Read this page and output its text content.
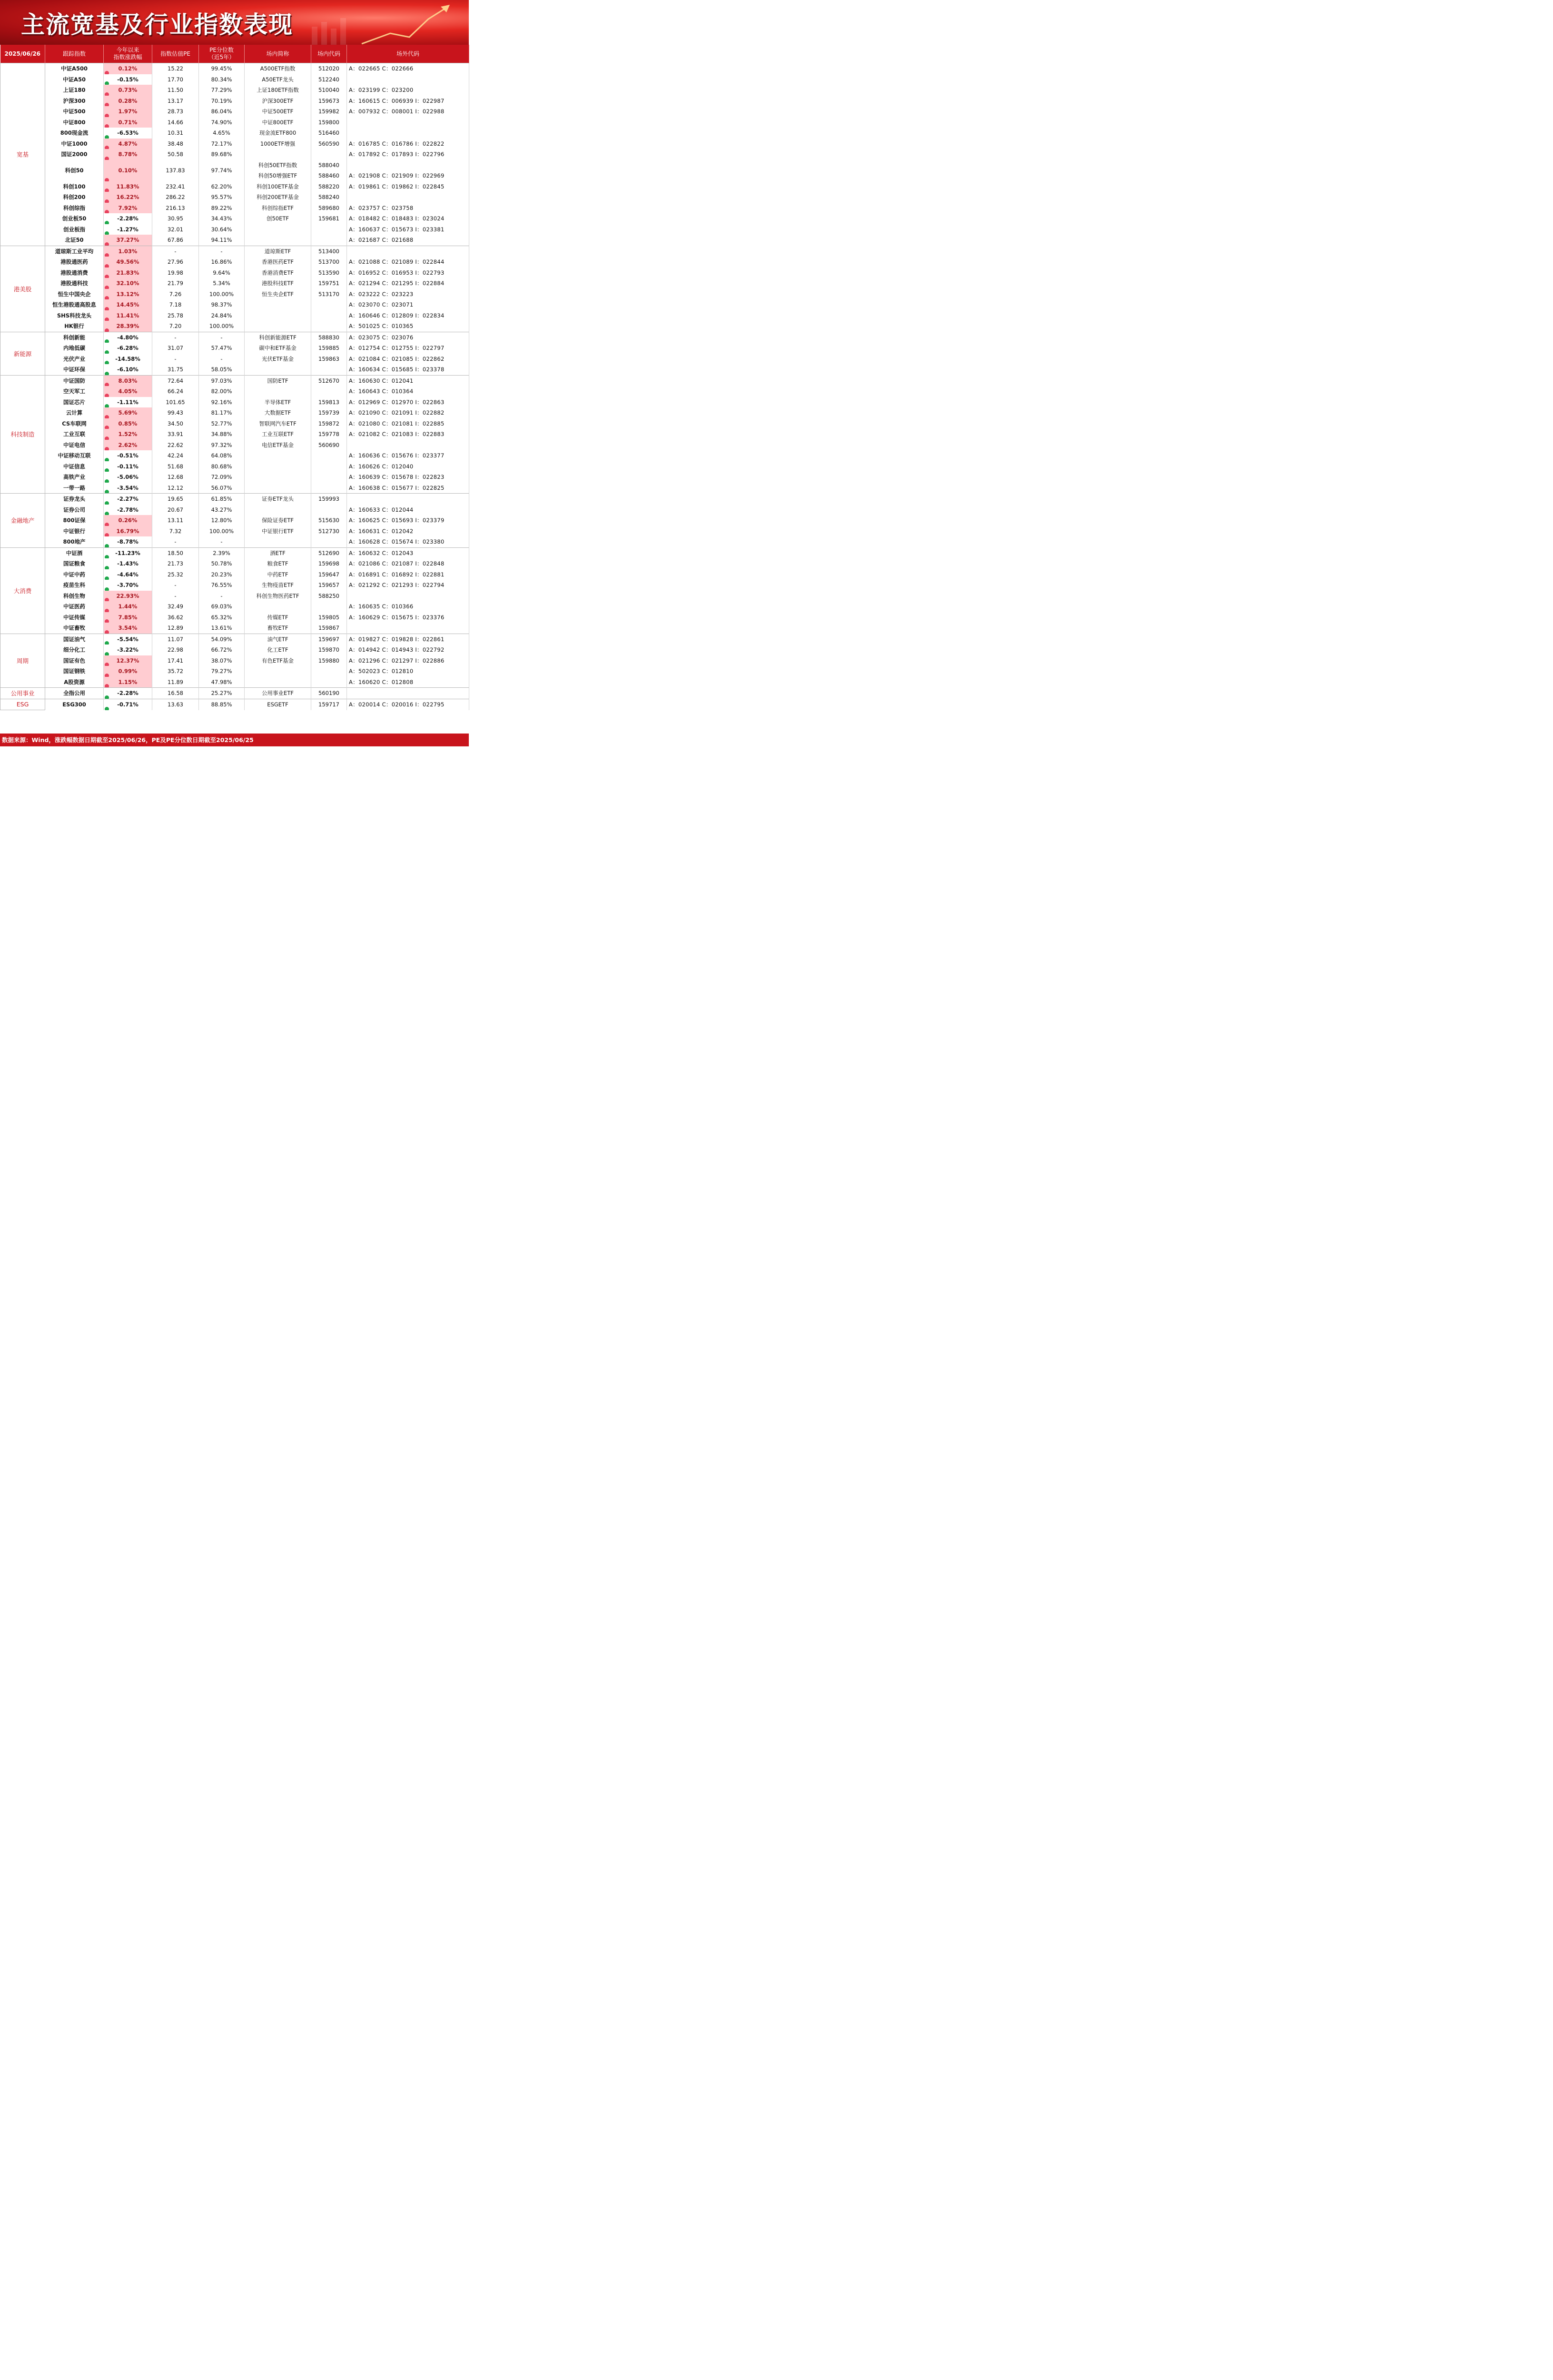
主流宽基及行业指数表现
2025/06/26	跟踪指数	今年以来
指数涨跌幅	指数估值PE	PE分位数
（近5年）	场内简称	场内代码	场外代码
宽基	中证A500	0.12%	15.22	99.45%	A500ETF指数	512020	A：022665 C：022666
	中证A50	-0.15%	17.70	80.34%	A50ETF龙头	512240	
	上证180	0.73%	11.50	77.29%	上证180ETF指数	510040	A：023199 C：023200
	沪深300	0.28%	13.17	70.19%	沪深300ETF	159673	A：160615 C：006939 I：022987
	中证500	1.97%	28.73	86.04%	中证500ETF	159982	A：007932 C：008001 I：022988
	中证800	0.71%	14.66	74.90%	中证800ETF	159800	
	800现金流	-6.53%	10.31	4.65%	现金流ETF800	516460	
	中证1000	4.87%	38.48	72.17%	1000ETF增强	560590	A：016785 C：016786 I：022822
	国证2000	8.78%	50.58	89.68%			A：017892 C：017893 I：022796
	科创50	0.10%	137.83	97.74%	科创50ETF指数	588040	
					科创50增强ETF	588460	A：021908 C：021909 I：022969
	科创100	11.83%	232.41	62.20%	科创100ETF基金	588220	A：019861 C：019862 I：022845
	科创200	16.22%	286.22	95.57%	科创200ETF基金	588240	
	科创综指	7.92%	216.13	89.22%	科创综指ETF	589680	A：023757 C：023758
	创业板50	-2.28%	30.95	34.43%	创50ETF	159681	A：018482 C：018483 I：023024
	创业板指	-1.27%	32.01	30.64%			A：160637 C：015673 I：023381
	北证50	37.27%	67.86	94.11%			A：021687 C：021688
港美股	道琼斯工业平均	1.03%	-	-	道琼斯ETF	513400	
	港股通医药	49.56%	27.96	16.86%	香港医药ETF	513700	A：021088 C：021089 I：022844
	港股通消费	21.83%	19.98	9.64%	香港消费ETF	513590	A：016952 C：016953 I：022793
	港股通科技	32.10%	21.79	5.34%	港股科技ETF	159751	A：021294 C：021295 I：022884
	恒生中国央企	13.12%	7.26	100.00%	恒生央企ETF	513170	A：023222 C：023223
	恒生港股通高股息	14.45%	7.18	98.37%			A：023070 C：023071
	SHS科技龙头	11.41%	25.78	24.84%			A：160646 C：012809 I：022834
	HK银行	28.39%	7.20	100.00%			A：501025 C：010365
新能源	科创新能	-4.80%	-	-	科创新能源ETF	588830	A：023075 C：023076
	内地低碳	-6.28%	31.07	57.47%	碳中和ETF基金	159885	A：012754 C：012755 I：022797
	光伏产业	-14.58%	-	-	光伏ETF基金	159863	A：021084 C：021085 I：022862
	中证环保	-6.10%	31.75	58.05%			A：160634 C：015685 I：023378
科技制造	中证国防	8.03%	72.64	97.03%	国防ETF	512670	A：160630 C：012041
	空天军工	4.05%	66.24	82.00%			A：160643 C：010364
	国证芯片	-1.11%	101.65	92.16%	半导体ETF	159813	A：012969 C：012970 I：022863
	云计算	5.69%	99.43	81.17%	大数据ETF	159739	A：021090 C：021091 I：022882
	CS车联网	0.85%	34.50	52.77%	智联网汽车ETF	159872	A：021080 C：021081 I：022885
	工业互联	1.52%	33.91	34.88%	工业互联ETF	159778	A：021082 C：021083 I：022883
	中证电信	2.62%	22.62	97.32%	电信ETF基金	560690	
	中证移动互联	-0.51%	42.24	64.08%			A：160636 C：015676 I：023377
	中证信息	-0.11%	51.68	80.68%			A：160626 C：012040
	高铁产业	-5.06%	12.68	72.09%			A：160639 C：015678 I：022823
	一带一路	-3.54%	12.12	56.07%			A：160638 C：015677 I：022825
金融地产	证券龙头	-2.27%	19.65	61.85%	证券ETF龙头	159993	
	证券公司	-2.78%	20.67	43.27%			A：160633 C：012044
	800证保	0.26%	13.11	12.80%	保险证券ETF	515630	A：160625 C：015693 I：023379
	中证银行	16.79%	7.32	100.00%	中证银行ETF	512730	A：160631 C：012042
	800地产	-8.78%	-	-			A：160628 C：015674 I：023380
大消费	中证酒	-11.23%	18.50	2.39%	酒ETF	512690	A：160632 C：012043
	国证粮食	-1.43%	21.73	50.78%	粮食ETF	159698	A：021086 C：021087 I：022848
	中证中药	-4.64%	25.32	20.23%	中药ETF	159647	A：016891 C：016892 I：022881
	疫苗生科	-3.70%	-	76.55%	生物疫苗ETF	159657	A：021292 C：021293 I：022794
	科创生物	22.93%	-	-	科创生物医药ETF	588250	
	中证医药	1.44%	32.49	69.03%			A：160635 C：010366
	中证传媒	7.85%	36.62	65.32%	传媒ETF	159805	A：160629 C：015675 I：023376
	中证畜牧	3.54%	12.89	13.61%	畜牧ETF	159867	
周期	国证油气	-5.54%	11.07	54.09%	油气ETF	159697	A：019827 C：019828 I：022861
	细分化工	-3.22%	22.98	66.72%	化工ETF	159870	A：014942 C：014943 I：022792
	国证有色	12.37%	17.41	38.07%	有色ETF基金	159880	A：021296 C：021297 I：022886
	国证钢铁	0.99%	35.72	79.27%			A：502023 C：012810
	A股资源	1.15%	11.89	47.98%			A：160620 C：012808
公用事业	全指公用	-2.28%	16.58	25.27%	公用事业ETF	560190	
ESG	ESG300	-0.71%	13.63	88.85%	ESGETF	159717	A：020014 C：020016 I：022795
数据来源：Wind，涨跌幅数据日期截至2025/06/26，PE及PE分位数日期截至2025/06/25
